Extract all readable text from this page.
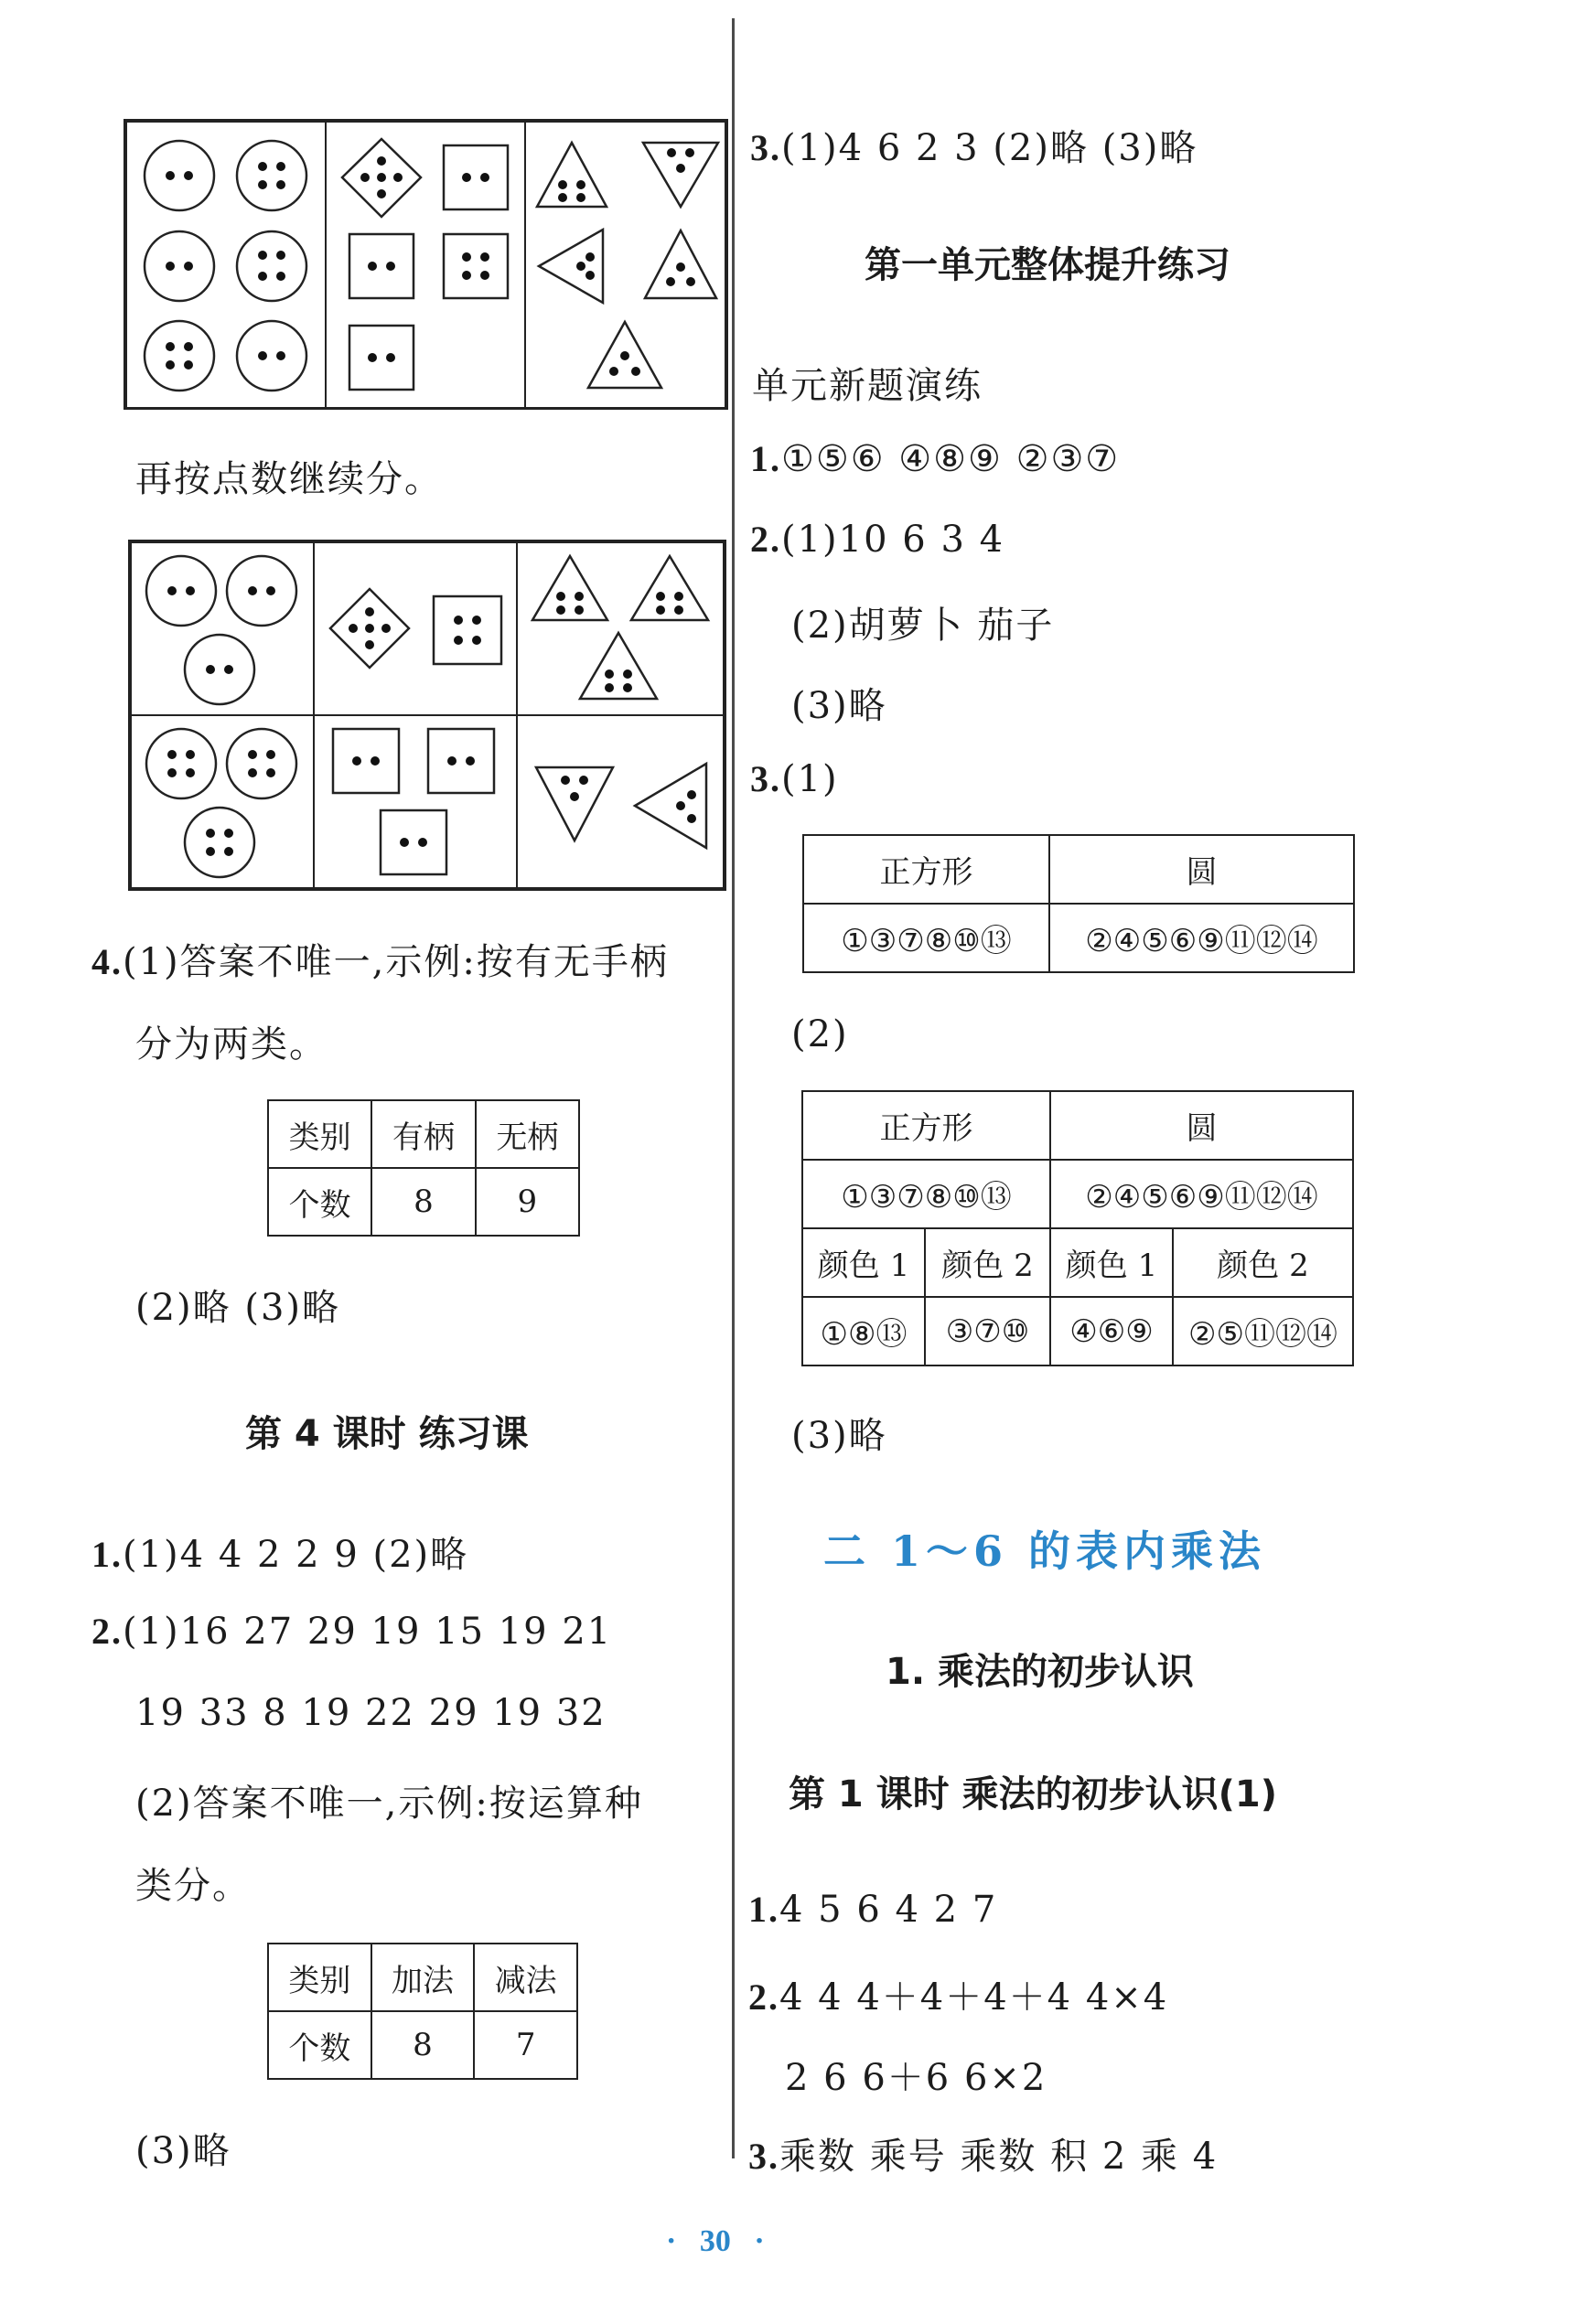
再按点数继续分。
4.(1)答案不唯一,示例:按有无手柄
分为两类。
类别	有柄	无柄
个数	8	9
(2)略 (3)略
第 4 课时 练习课
1.(1)4 4 2 2 9 (2)略
2.(1)16 27 29 19 15 19 21
19 33 8 19 22 29 19 32
(2)答案不唯一,示例:按运算种
类分。
类别	加法	减法
个数	8	7
(3)略
3.(1)4 6 2 3 (2)略 (3)略
第一单元整体提升练习
单元新题演练
1.①⑤⑥ ④⑧⑨ ②③⑦
2.(1)10 6 3 4
(2)胡萝卜 茄子
(3)略
3.(1)
正方形	圆
①③⑦⑧⑩⑬	②④⑤⑥⑨⑪⑫⑭
(2)
正方形		圆	
①③⑦⑧⑩⑬		②④⑤⑥⑨⑪⑫⑭	
颜色 1	颜色 2	颜色 1	颜色 2
①⑧⑬	③⑦⑩	④⑥⑨	②⑤⑪⑫⑭
(3)略
二 1～6 的表内乘法
1. 乘法的初步认识
第 1 课时 乘法的初步认识(1)
1.4 5 6 4 2 7
2.4 4 4＋4＋4＋4 4×4
2 6 6＋6 6×2
3.乘数 乘号 乘数 积 2 乘 4
· 30 ·
